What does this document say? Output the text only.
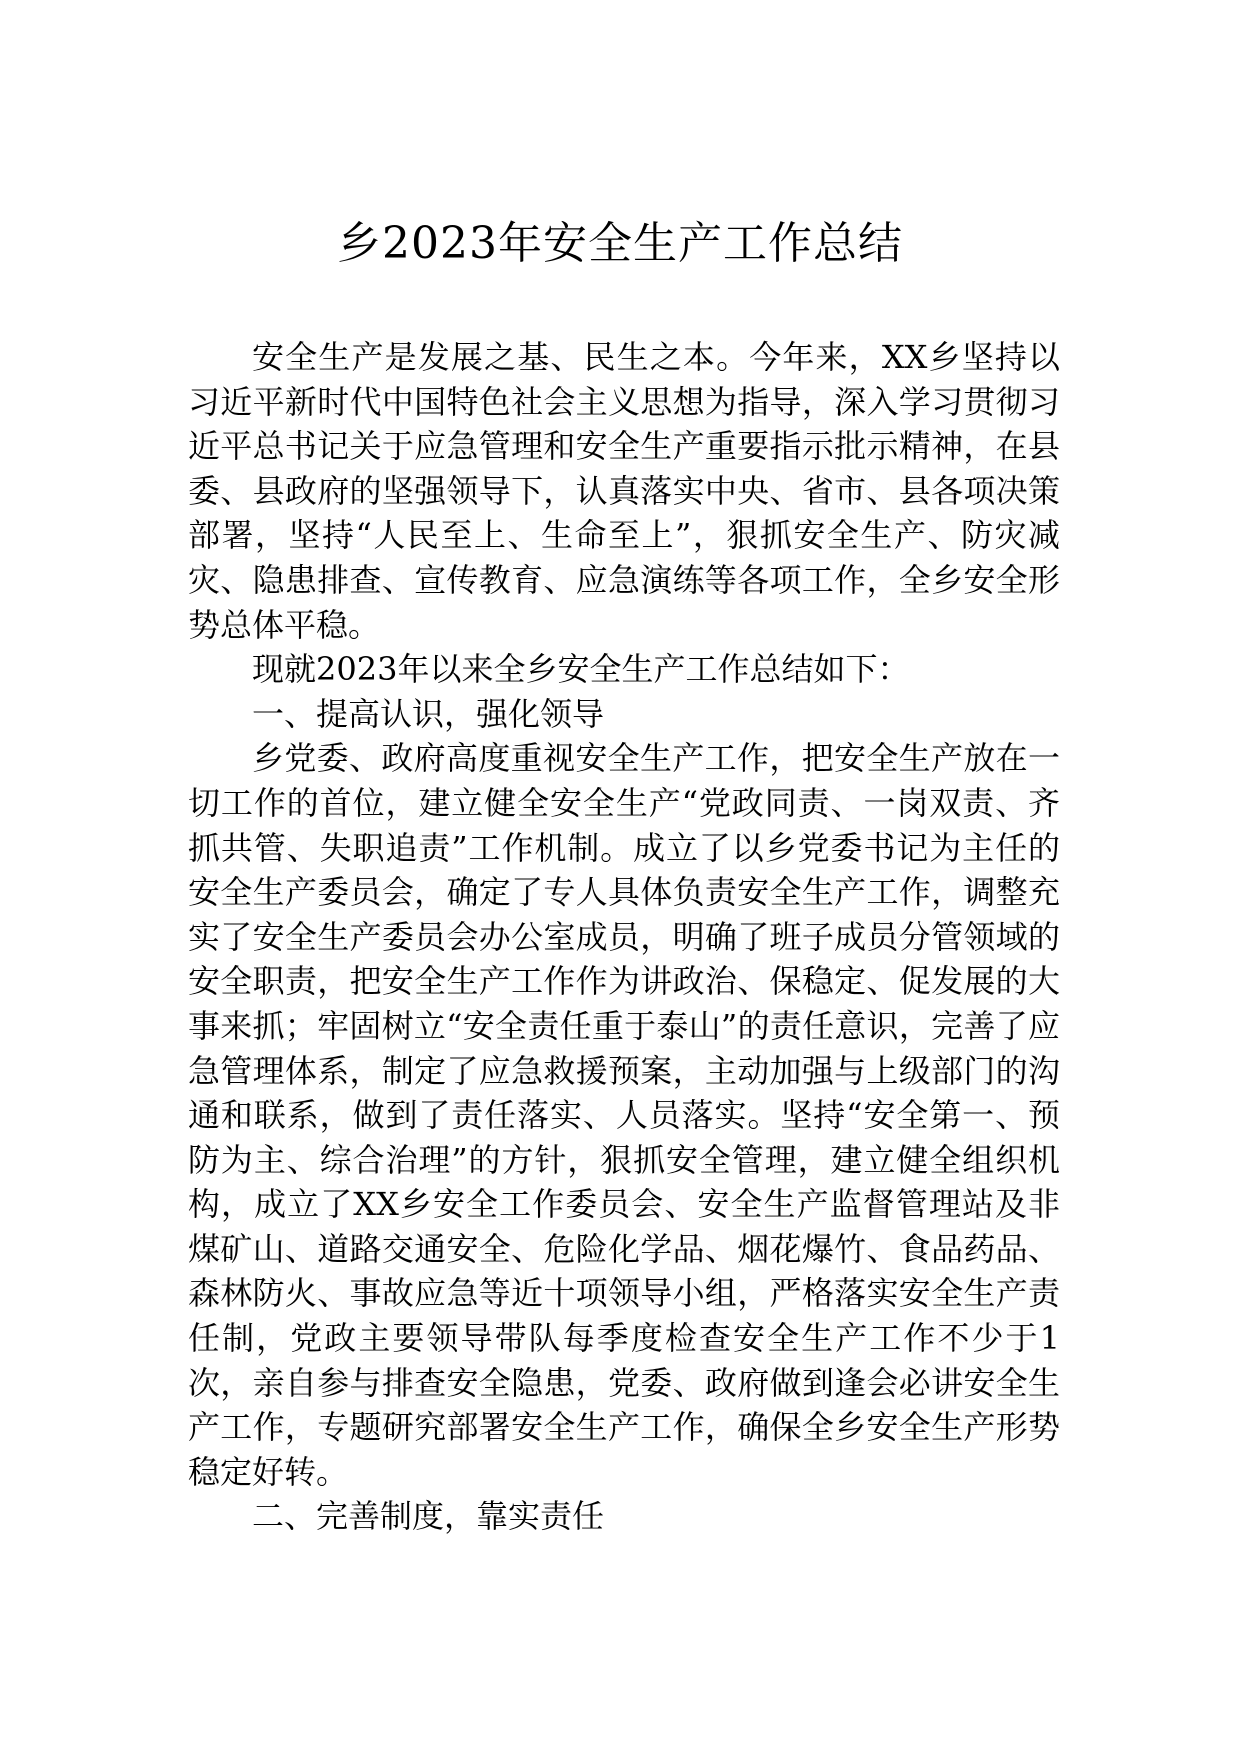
乡2023年安全生产工作总结

安全生产是发展之基、民生之本。今年来，XX乡坚持以习近平新时代中国特色社会主义思想为指导，深入学习贯彻习近平总书记关于应急管理和安全生产重要指示批示精神，在县委、县政府的坚强领导下，认真落实中央、省市、县各项决策部署，坚持“人民至上、生命至上”，狠抓安全生产、防灾减灾、隐患排查、宣传教育、应急演练等各项工作，全乡安全形势总体平稳。

现就2023年以来全乡安全生产工作总结如下：

一、提高认识，强化领导

乡党委、政府高度重视安全生产工作，把安全生产放在一切工作的首位，建立健全安全生产“党政同责、一岗双责、齐抓共管、失职追责”工作机制。成立了以乡党委书记为主任的安全生产委员会，确定了专人具体负责安全生产工作，调整充实了安全生产委员会办公室成员，明确了班子成员分管领域的安全职责，把安全生产工作作为讲政治、保稳定、促发展的大事来抓；牢固树立“安全责任重于泰山”的责任意识，完善了应急管理体系，制定了应急救援预案，主动加强与上级部门的沟通和联系，做到了责任落实、人员落实。坚持“安全第一、预防为主、综合治理”的方针，狠抓安全管理，建立健全组织机构，成立了XX乡安全工作委员会、安全生产监督管理站及非煤矿山、道路交通安全、危险化学品、烟花爆竹、食品药品、森林防火、事故应急等近十项领导小组，严格落实安全生产责任制，党政主要领导带队每季度检查安全生产工作不少于1次，亲自参与排查安全隐患，党委、政府做到逢会必讲安全生产工作，专题研究部署安全生产工作，确保全乡安全生产形势稳定好转。

二、完善制度，靠实责任
